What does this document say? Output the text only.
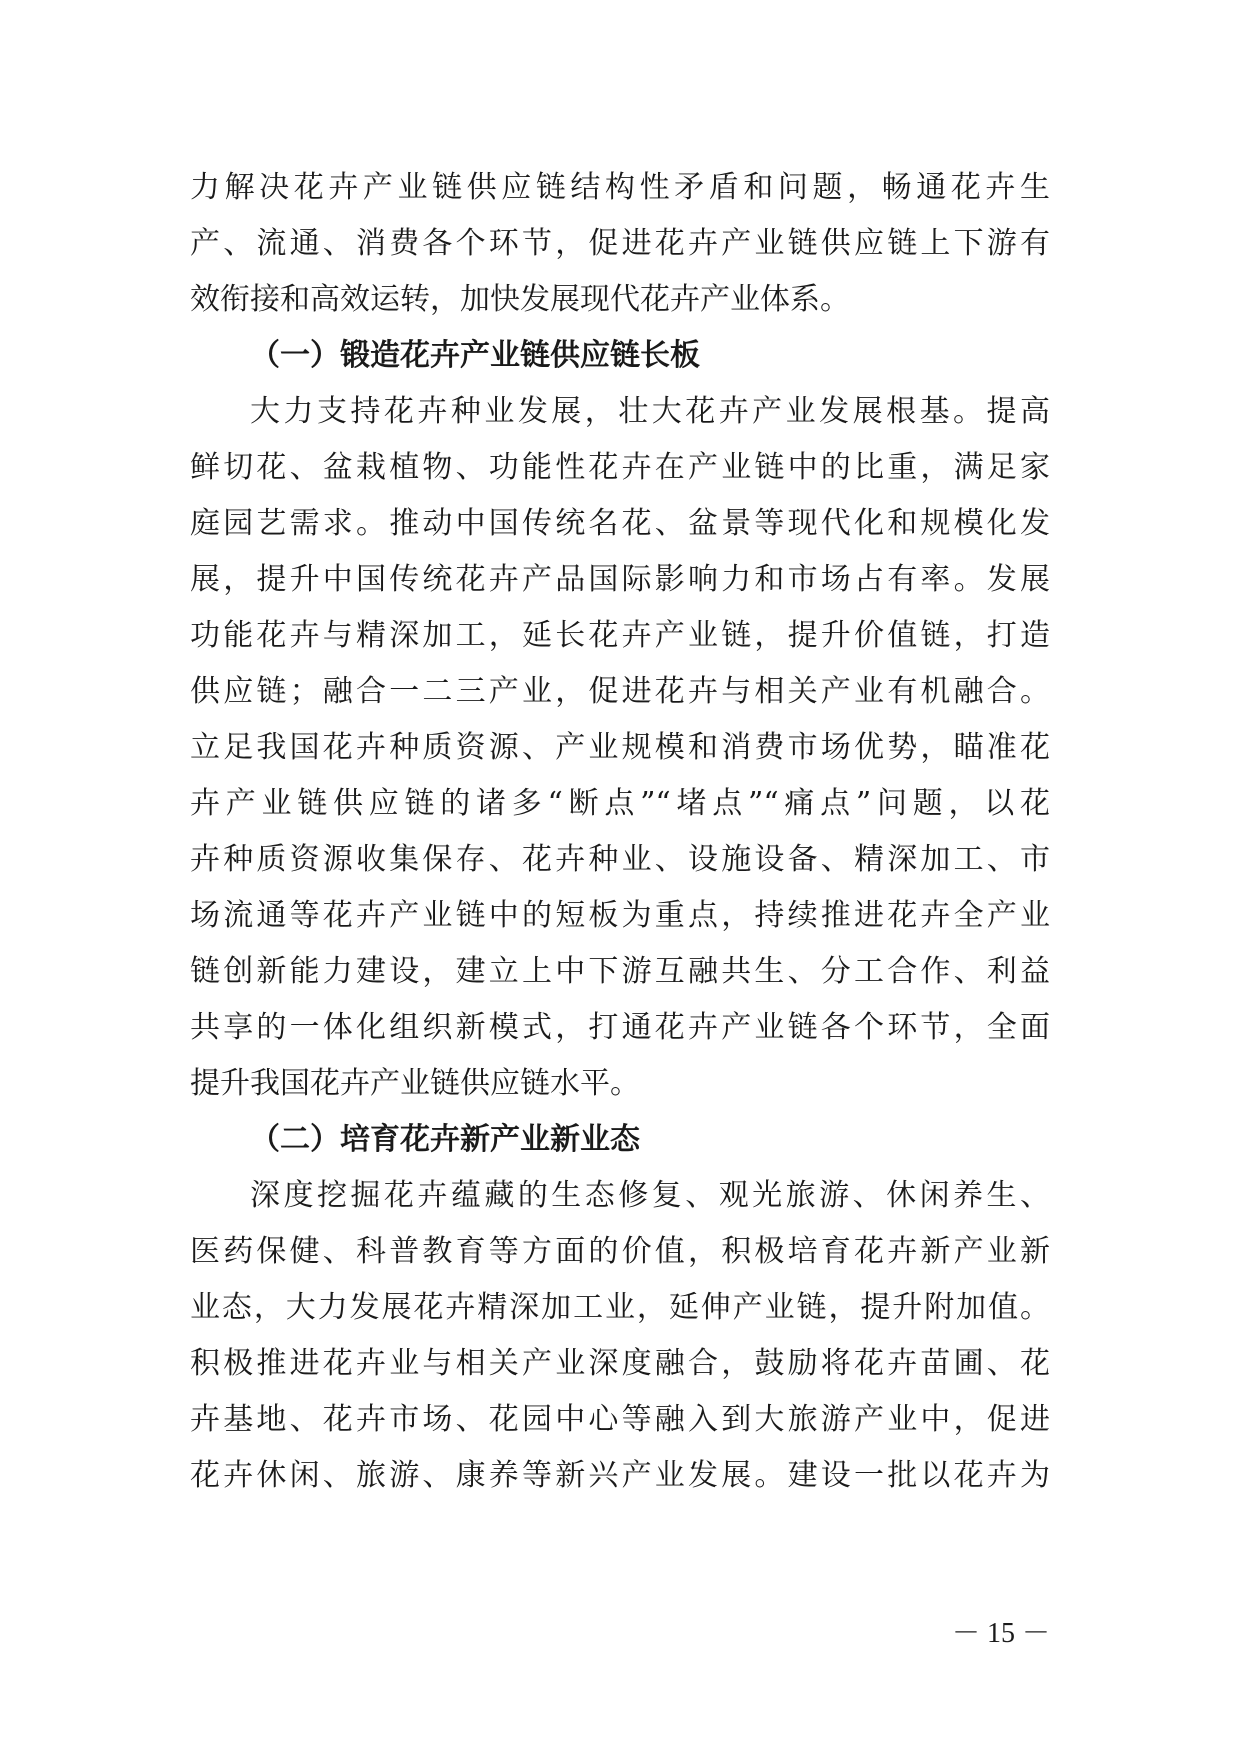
力解决花卉产业链供应链结构性矛盾和问题，畅通花卉生
产、流通、消费各个环节，促进花卉产业链供应链上下游有
效衔接和高效运转，加快发展现代花卉产业体系。
（一）锻造花卉产业链供应链长板
大力支持花卉种业发展，壮大花卉产业发展根基。提高
鲜切花、盆栽植物、功能性花卉在产业链中的比重，满足家
庭园艺需求。推动中国传统名花、盆景等现代化和规模化发
展，提升中国传统花卉产品国际影响力和市场占有率。发展
功能花卉与精深加工，延长花卉产业链，提升价值链，打造
供应链；融合一二三产业，促进花卉与相关产业有机融合。
立足我国花卉种质资源、产业规模和消费市场优势，瞄准花
卉产业链供应链的诸多“断点”“堵点”“痛点”问题，以花
卉种质资源收集保存、花卉种业、设施设备、精深加工、市
场流通等花卉产业链中的短板为重点，持续推进花卉全产业
链创新能力建设，建立上中下游互融共生、分工合作、利益
共享的一体化组织新模式，打通花卉产业链各个环节，全面
提升我国花卉产业链供应链水平。
（二）培育花卉新产业新业态
深度挖掘花卉蕴藏的生态修复、观光旅游、休闲养生、
医药保健、科普教育等方面的价值，积极培育花卉新产业新
业态，大力发展花卉精深加工业，延伸产业链，提升附加值。
积极推进花卉业与相关产业深度融合，鼓励将花卉苗圃、花
卉基地、花卉市场、花园中心等融入到大旅游产业中，促进
花卉休闲、旅游、康养等新兴产业发展。建设一批以花卉为
－ 15 －
